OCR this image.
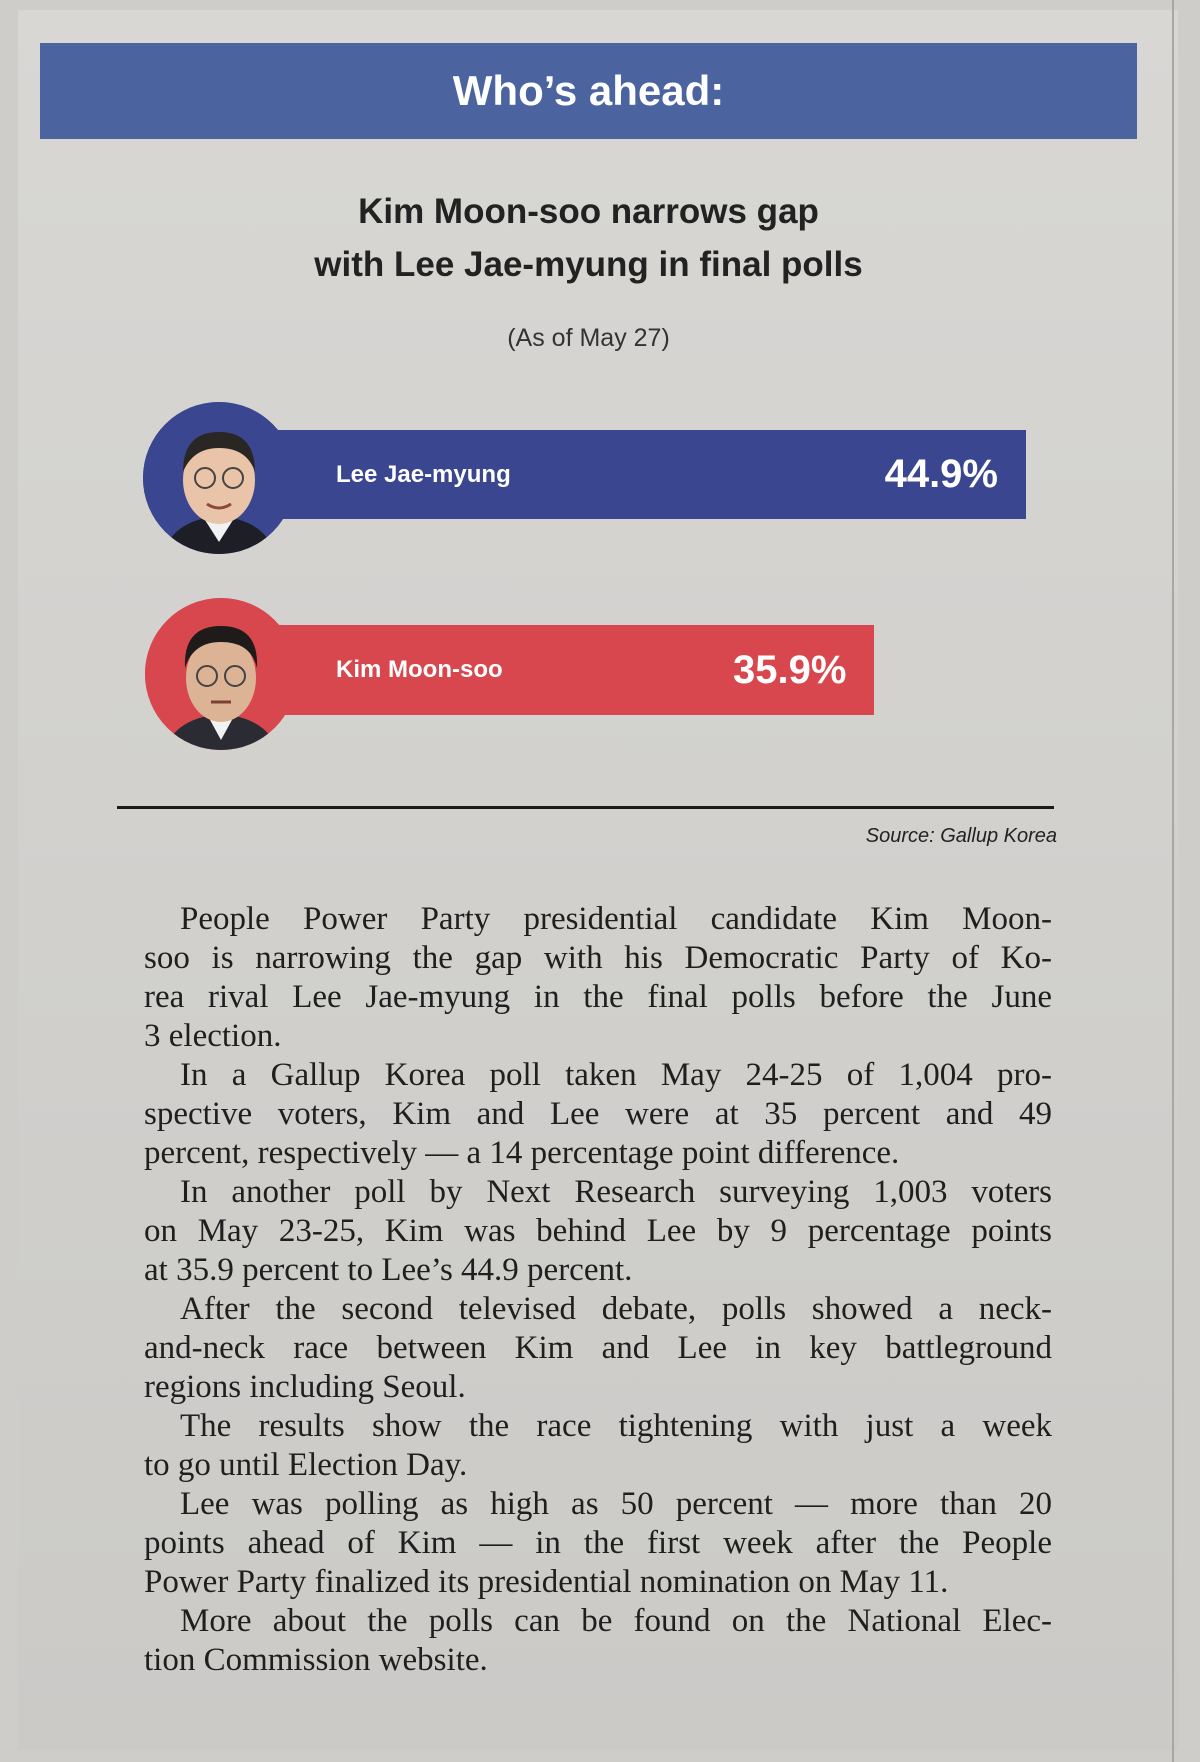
Who’s ahead:
Kim Moon-soo narrows gap
with Lee Jae-myung in final polls
(As of May 27)
Lee Jae-myung	44.9%
Kim Moon-soo	35.9%
Source: Gallup Korea
People Power Party presidential candidate Kim Moon-
soo is narrowing the gap with his Democratic Party of Ko-
rea rival Lee Jae-myung in the final polls before the June
3 election.
In a Gallup Korea poll taken May 24-25 of 1,004 pro-
spective voters, Kim and Lee were at 35 percent and 49
percent, respectively — a 14 percentage point difference.
In another poll by Next Research surveying 1,003 voters
on May 23-25, Kim was behind Lee by 9 percentage points
at 35.9 percent to Lee’s 44.9 percent.
After the second televised debate, polls showed a neck-
and-neck race between Kim and Lee in key battleground
regions including Seoul.
The results show the race tightening with just a week
to go until Election Day.
Lee was polling as high as 50 percent — more than 20
points ahead of Kim — in the first week after the People
Power Party finalized its presidential nomination on May 11.
More about the polls can be found on the National Elec-
tion Commission website.
